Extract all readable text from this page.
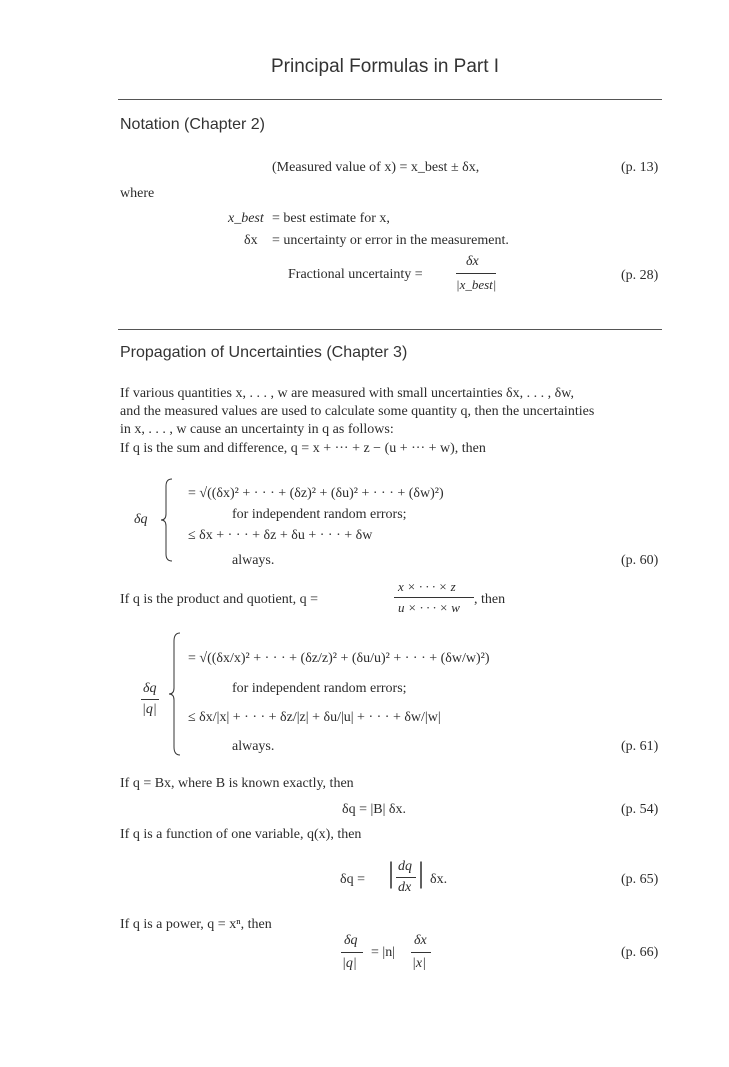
Principal Formulas in Part I
Notation (Chapter 2)
(Measured value of x) = x_best ± δx,	(p. 13)
where
x_best = best estimate for x,
δx = uncertainty or error in the measurement.
Fractional uncertainty =
δx
|x_best|
(p. 28)
Propagation of Uncertainties (Chapter 3)
If various quantities x, . . . , w are measured with small uncertainties δx, . . . , δw,
and the measured values are used to calculate some quantity q, then the uncertainties
in x, . . . , w cause an uncertainty in q as follows:
If q is the sum and difference, q = x + ··· + z − (u + ··· + w), then
δq
= √((δx)² + · · · + (δz)² + (δu)² + · · · + (δw)²)
for independent random errors;
≤ δx + · · · + δz + δu + · · · + δw
always.	(p. 60)
If q is the product and quotient, q =
x × · · · × z
u × · · · × w
, then
δq
|q|
= √((δx/x)² + · · · + (δz/z)² + (δu/u)² + · · · + (δw/w)²)
for independent random errors;
≤ δx/|x| + · · · + δz/|z| + δu/|u| + · · · + δw/|w|
always.	(p. 61)
If q = Bx, where B is known exactly, then
δq = |B| δx.	(p. 54)
If q is a function of one variable, q(x), then
δq = | dq
dx | δx.	(p. 65)
If q is a power, q = xⁿ, then
δq
|q|
= |n|
δx
|x|
(p. 66)
